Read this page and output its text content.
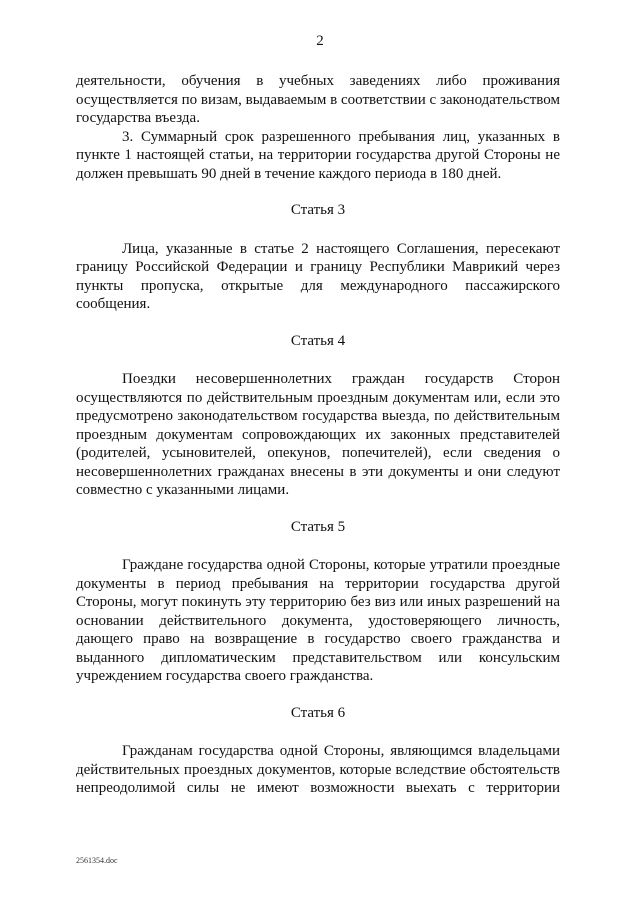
2
деятельности, обучения в учебных заведениях либо проживания
осуществляется по визам, выдаваемым в соответствии с законодательством
государства въезда.
3. Суммарный срок разрешенного пребывания лиц, указанных в
пункте 1 настоящей статьи, на территории государства другой Стороны не
должен превышать 90 дней в течение каждого периода в 180 дней.
Статья 3
Лица, указанные в статье 2 настоящего Соглашения, пересекают
границу Российской Федерации и границу Республики Маврикий через
пункты пропуска, открытые для международного пассажирского
сообщения.
Статья 4
Поездки несовершеннолетних граждан государств Сторон
осуществляются по действительным проездным документам или, если это
предусмотрено законодательством государства выезда, по действительным
проездным документам сопровождающих их законных представителей
(родителей, усыновителей, опекунов, попечителей), если сведения о
несовершеннолетних гражданах внесены в эти документы и они следуют
совместно с указанными лицами.
Статья 5
Граждане государства одной Стороны, которые утратили проездные
документы в период пребывания на территории государства другой
Стороны, могут покинуть эту территорию без виз или иных разрешений на
основании действительного документа, удостоверяющего личность,
дающего право на возвращение в государство своего гражданства и
выданного дипломатическим представительством или консульским
учреждением государства своего гражданства.
Статья 6
Гражданам государства одной Стороны, являющимся владельцами
действительных проездных документов, которые вследствие обстоятельств
непреодолимой силы не имеют возможности выехать с территории
2561354.doc
